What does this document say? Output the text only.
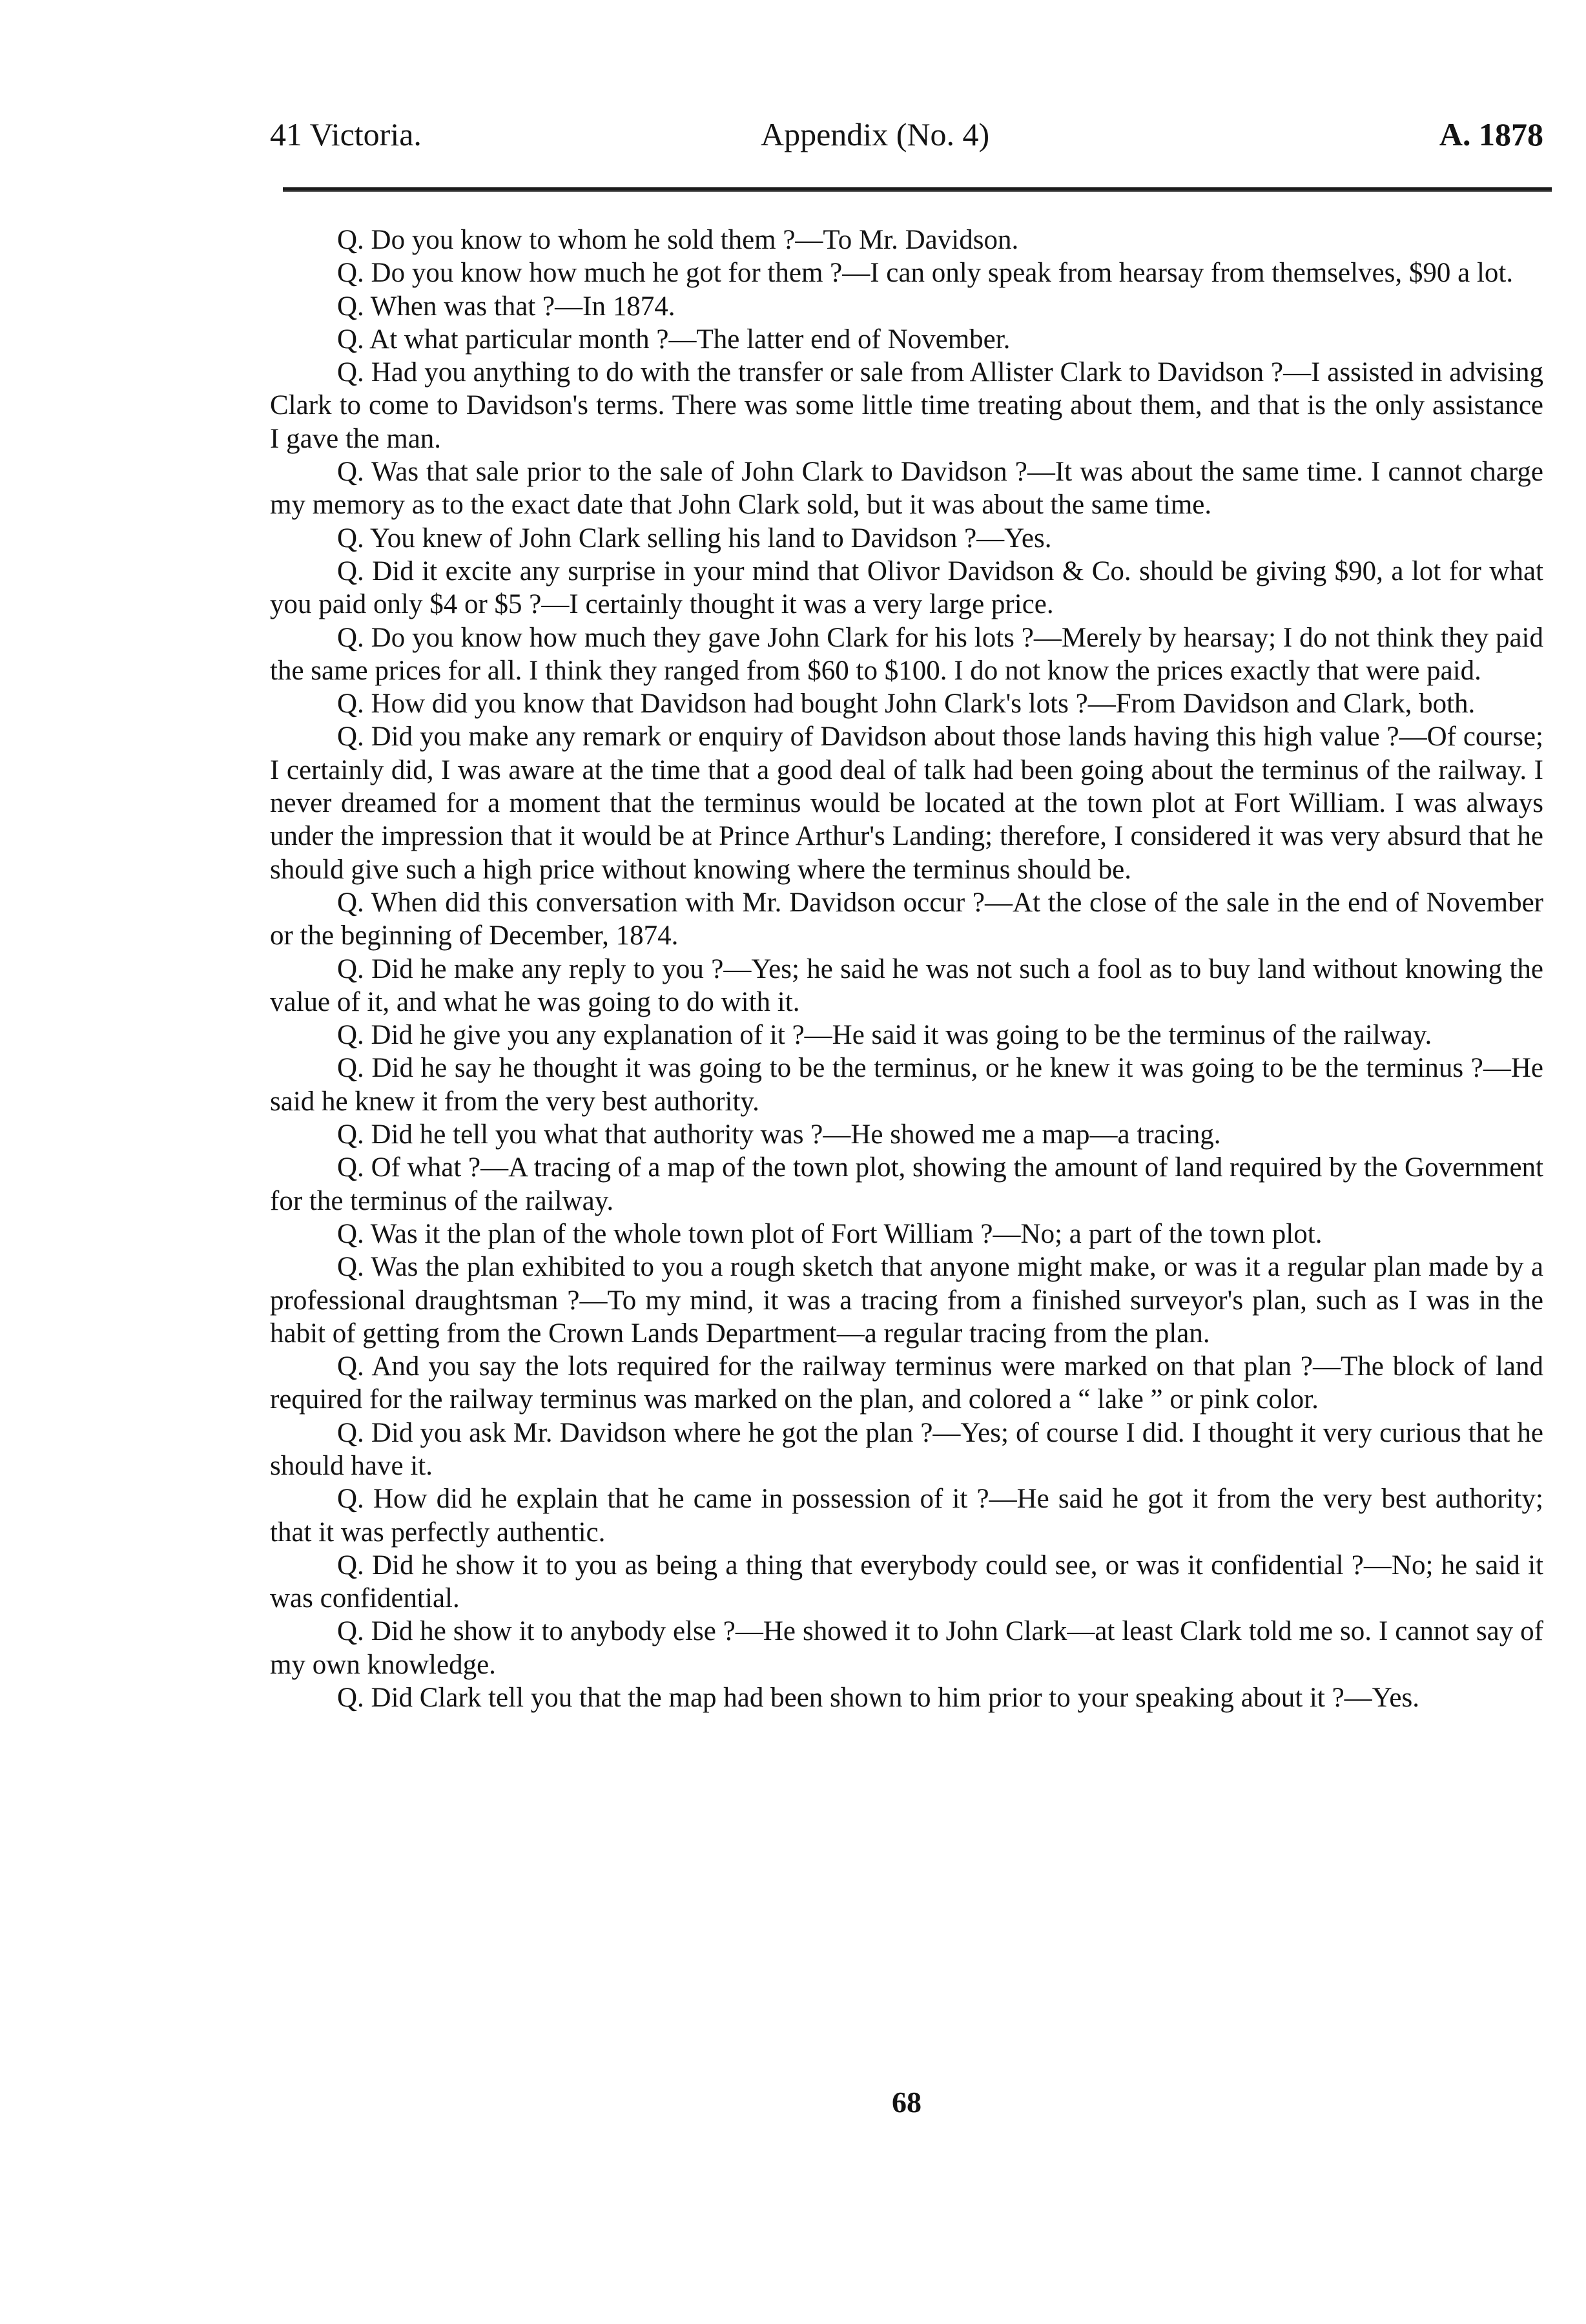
41 Victoria.	Appendix (No. 4)	A. 1878

Q. Do you know to whom he sold them ?—To Mr. Davidson.

Q. Do you know how much he got for them ?—I can only speak from hearsay from themselves, $90 a lot.

Q. When was that ?—In 1874.

Q. At what particular month ?—The latter end of November.

Q. Had you anything to do with the transfer or sale from Allister Clark to Davidson ?—I assisted in advising Clark to come to Davidson's terms. There was some little time treating about them, and that is the only assistance I gave the man.

Q. Was that sale prior to the sale of John Clark to Davidson ?—It was about the same time. I cannot charge my memory as to the exact date that John Clark sold, but it was about the same time.

Q. You knew of John Clark selling his land to Davidson ?—Yes.

Q. Did it excite any surprise in your mind that Olivor Davidson & Co. should be giving $90, a lot for what you paid only $4 or $5 ?—I certainly thought it was a very large price.

Q. Do you know how much they gave John Clark for his lots ?—Merely by hearsay; I do not think they paid the same prices for all. I think they ranged from $60 to $100. I do not know the prices exactly that were paid.

Q. How did you know that Davidson had bought John Clark's lots ?—From Davidson and Clark, both.

Q. Did you make any remark or enquiry of Davidson about those lands having this high value ?—Of course; I certainly did, I was aware at the time that a good deal of talk had been going about the terminus of the railway. I never dreamed for a moment that the terminus would be located at the town plot at Fort William. I was always under the impression that it would be at Prince Arthur's Landing; therefore, I considered it was very absurd that he should give such a high price without knowing where the terminus should be.

Q. When did this conversation with Mr. Davidson occur ?—At the close of the sale in the end of November or the beginning of December, 1874.

Q. Did he make any reply to you ?—Yes; he said he was not such a fool as to buy land without knowing the value of it, and what he was going to do with it.

Q. Did he give you any explanation of it ?—He said it was going to be the terminus of the railway.

Q. Did he say he thought it was going to be the terminus, or he knew it was going to be the terminus ?—He said he knew it from the very best authority.

Q. Did he tell you what that authority was ?—He showed me a map—a tracing.

Q. Of what ?—A tracing of a map of the town plot, showing the amount of land required by the Government for the terminus of the railway.

Q. Was it the plan of the whole town plot of Fort William ?—No; a part of the town plot.

Q. Was the plan exhibited to you a rough sketch that anyone might make, or was it a regular plan made by a professional draughtsman ?—To my mind, it was a tracing from a finished surveyor's plan, such as I was in the habit of getting from the Crown Lands Department—a regular tracing from the plan.

Q. And you say the lots required for the railway terminus were marked on that plan ?—The block of land required for the railway terminus was marked on the plan, and colored a “ lake ” or pink color.

Q. Did you ask Mr. Davidson where he got the plan ?—Yes; of course I did. I thought it very curious that he should have it.

Q. How did he explain that he came in possession of it ?—He said he got it from the very best authority; that it was perfectly authentic.

Q. Did he show it to you as being a thing that everybody could see, or was it confidential ?—No; he said it was confidential.

Q. Did he show it to anybody else ?—He showed it to John Clark—at least Clark told me so. I cannot say of my own knowledge.

Q. Did Clark tell you that the map had been shown to him prior to your speaking about it ?—Yes.

68
